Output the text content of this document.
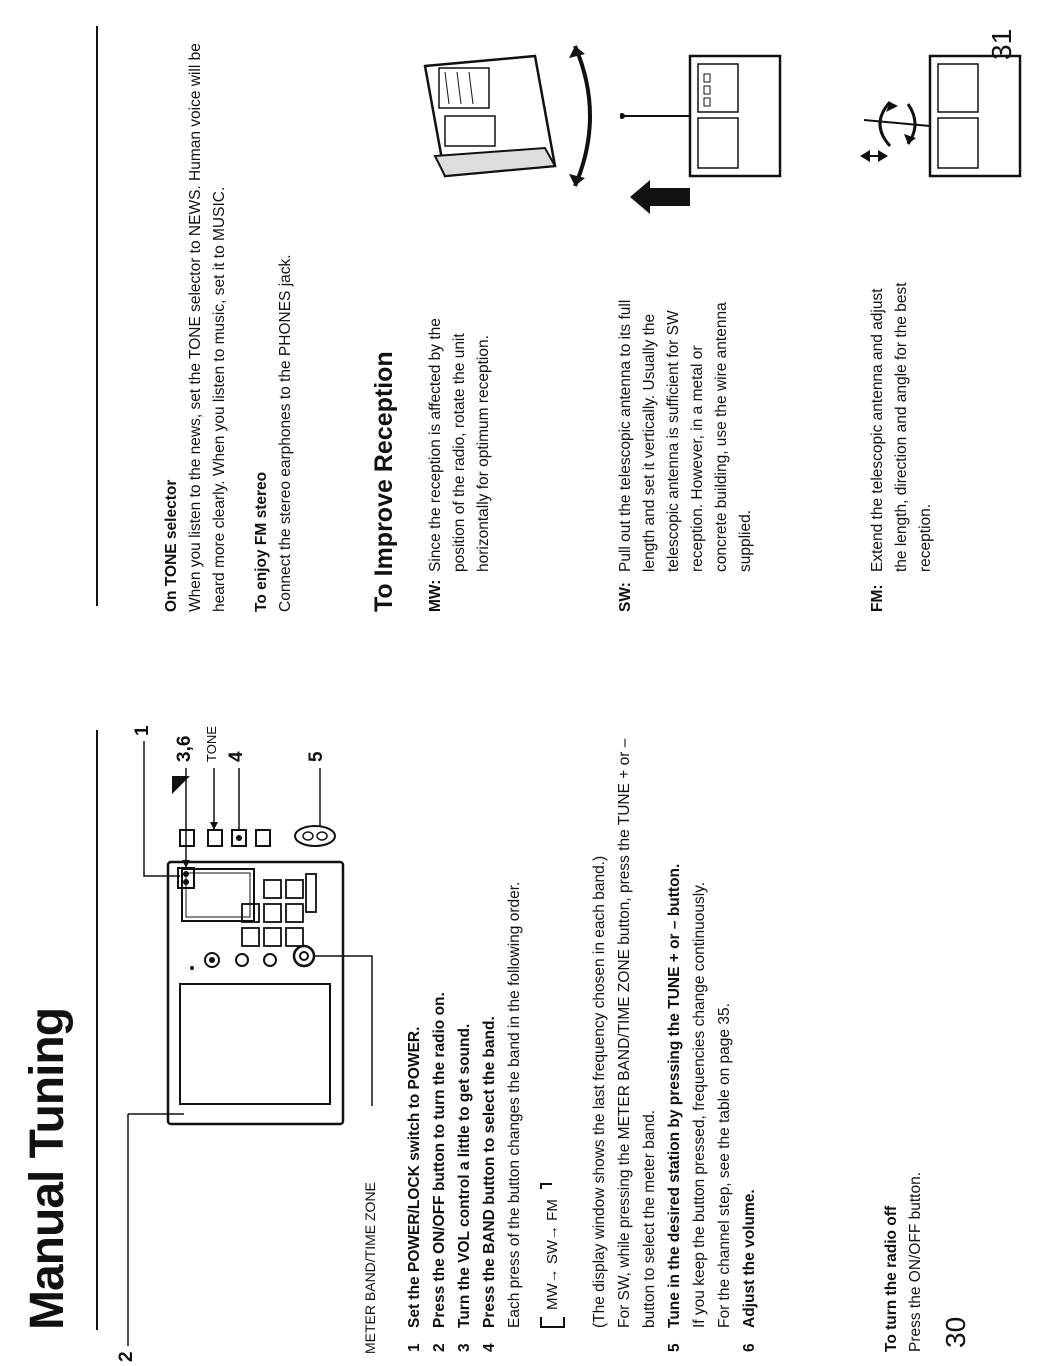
Manual Tuning
2
1
3,6 TONE 4	5
METER BAND/TIME ZONE 1
Set the POWER/LOCK switch to POWER.
2
Press the ON/OFF button to turn the radio on.
3
Turn the VOL control a little to get sound.
4
Press the BAND button to select the band. Each press of the button changes the band in the following order.	MW→ SW→ FM	(The display window shows the last frequency chosen in each band.) For SW, while pressing the METER BAND/TIME ZONE button, press the TUNE + or – button to select the meter band.
5
Tune in the desired station by pressing the TUNE + or – button. If you keep the button pressed, frequencies change continuously. For the channel step, see the table on page 35.
6
Adjust the volume.	To turn the radio off Press the ON/OFF button. 30
On TONE selector When you listen to the news, set the TONE selector to NEWS. Human voice will be heard more clearly. When you listen to music, set it to MUSIC. To enjoy FM stereo Connect the stereo earphones to the PHONES jack.	To Improve Reception MW:
Since the reception is affected by the position of the radio, rotate the unit horizontally for optimum reception.
SW:
Pull out the telescopic antenna to its full length and set it vertically. Usually the telescopic antenna is sufficient for SW reception. However, in a metal or concrete building, use the wire antenna supplied.
FM:
Extend the telescopic antenna and adjust the length, direction and angle for the best reception.
31
